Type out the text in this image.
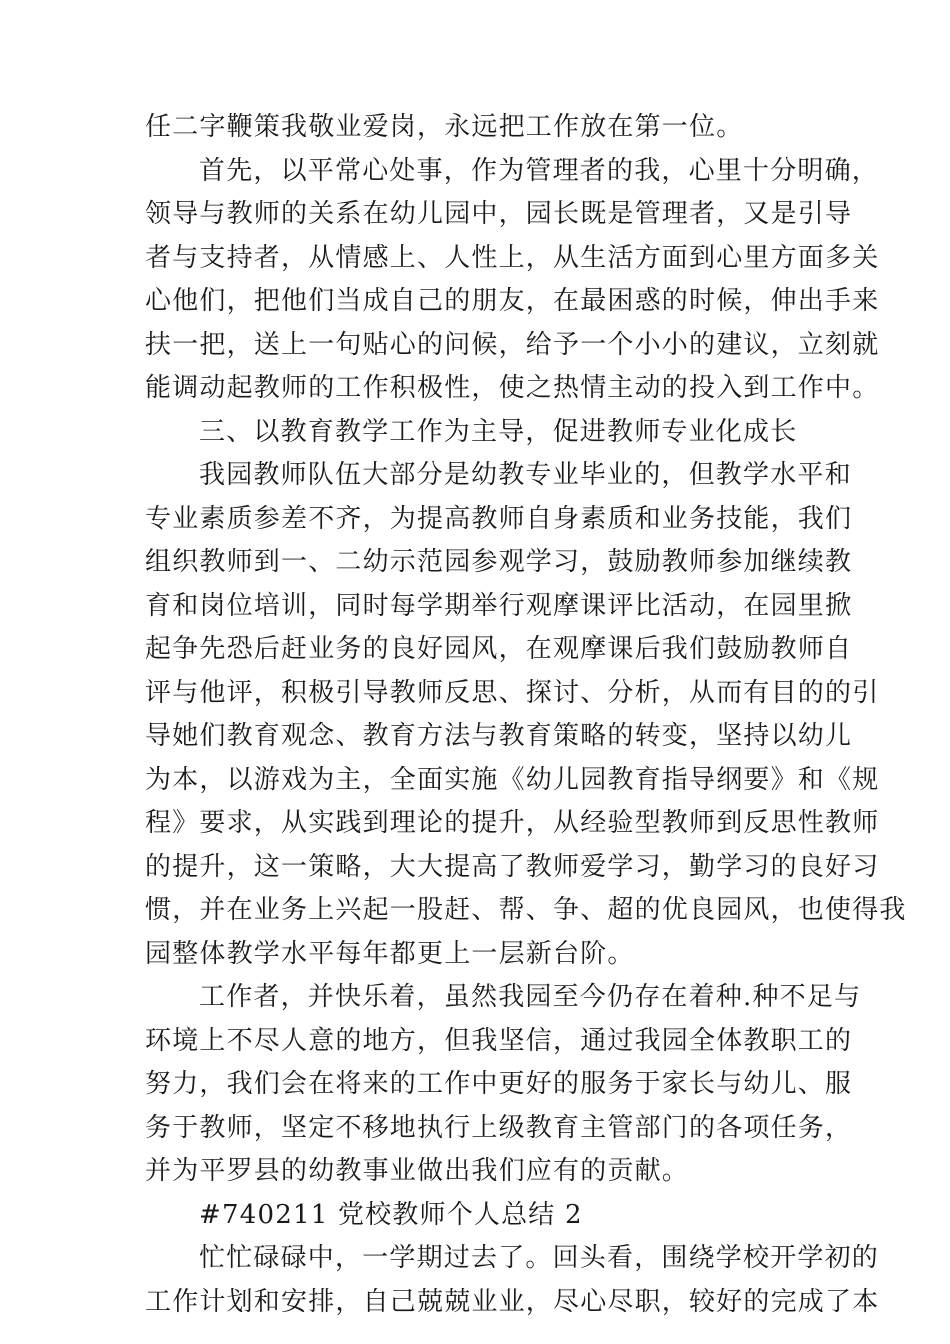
任二字鞭策我敬业爱岗，永远把工作放在第一位。
首先，以平常心处事，作为管理者的我，心里十分明确，
领导与教师的关系在幼儿园中，园长既是管理者，又是引导
者与支持者，从情感上、人性上，从生活方面到心里方面多关
心他们，把他们当成自己的朋友，在最困惑的时候，伸出手来
扶一把，送上一句贴心的问候，给予一个小小的建议，立刻就
能调动起教师的工作积极性，使之热情主动的投入到工作中。
三、以教育教学工作为主导，促进教师专业化成长
我园教师队伍大部分是幼教专业毕业的，但教学水平和
专业素质参差不齐，为提高教师自身素质和业务技能，我们
组织教师到一、二幼示范园参观学习，鼓励教师参加继续教
育和岗位培训，同时每学期举行观摩课评比活动，在园里掀
起争先恐后赶业务的良好园风，在观摩课后我们鼓励教师自
评与他评，积极引导教师反思、探讨、分析，从而有目的的引
导她们教育观念、教育方法与教育策略的转变，坚持以幼儿
为本，以游戏为主，全面实施《幼儿园教育指导纲要》和《规
程》要求，从实践到理论的提升，从经验型教师到反思性教师
的提升，这一策略，大大提高了教师爱学习，勤学习的良好习
惯，并在业务上兴起一股赶、帮、争、超的优良园风，也使得我
园整体教学水平每年都更上一层新台阶。
工作者，并快乐着，虽然我园至今仍存在着种.种不足与
环境上不尽人意的地方，但我坚信，通过我园全体教职工的
努力，我们会在将来的工作中更好的服务于家长与幼儿、服
务于教师，坚定不移地执行上级教育主管部门的各项任务，
并为平罗县的幼教事业做出我们应有的贡献。
#740211 党校教师个人总结 2
忙忙碌碌中，一学期过去了。回头看，围绕学校开学初的
工作计划和安排，自己兢兢业业，尽心尽职，较好的完成了本
